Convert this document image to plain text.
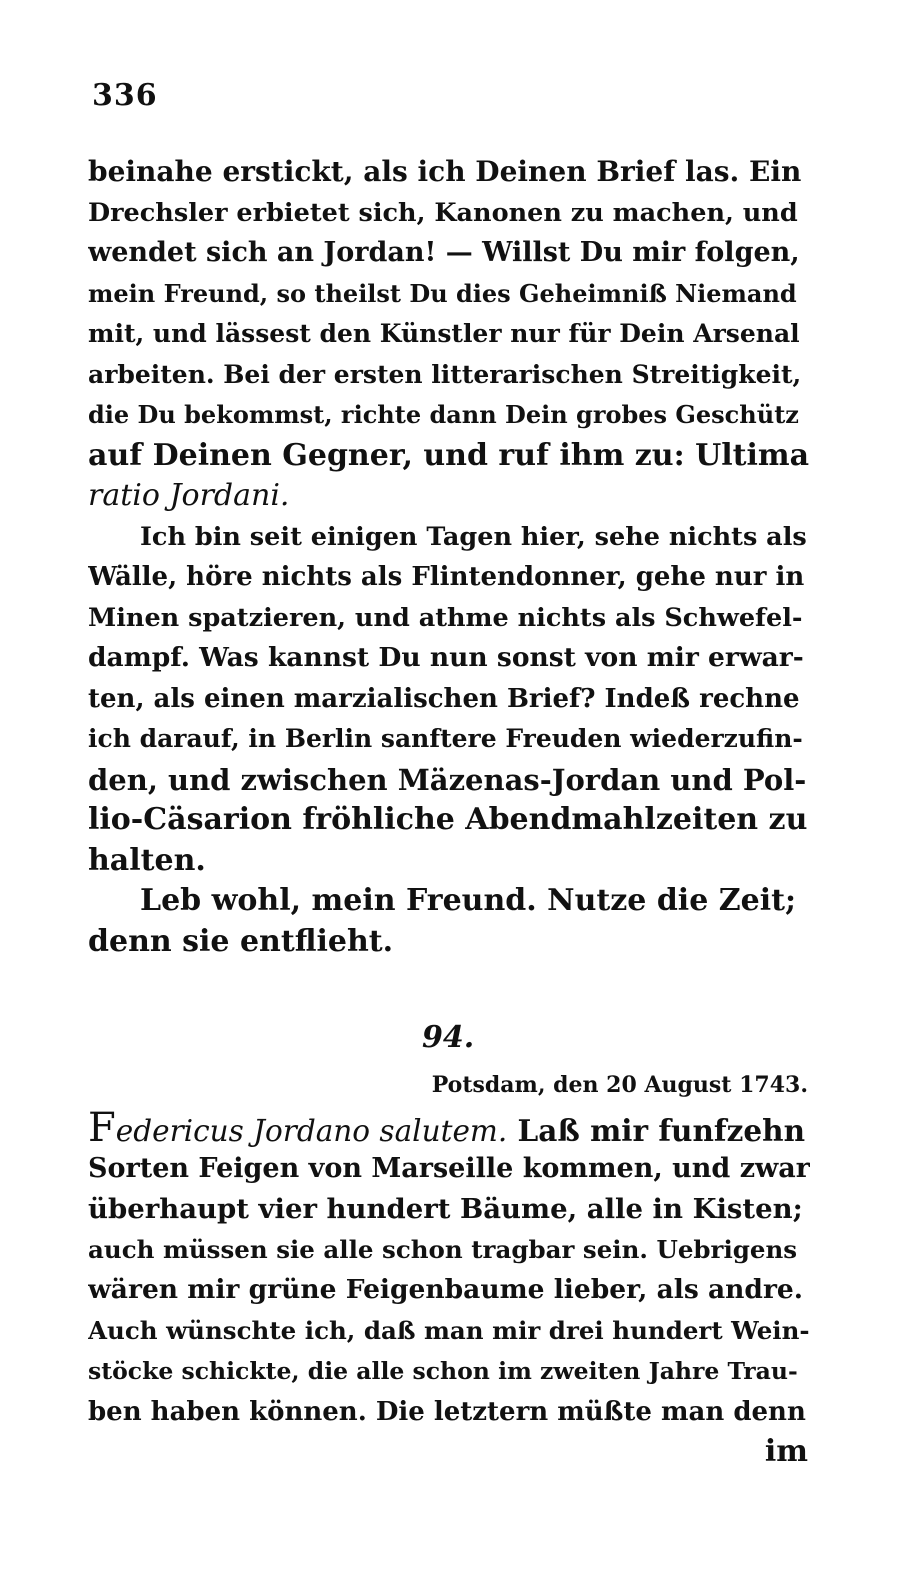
336
beinahe erstickt, als ich Deinen Brief las. Ein
Drechsler erbietet sich, Kanonen zu machen, und
wendet sich an Jordan! — Willst Du mir folgen,
mein Freund, so theilst Du dies Geheimniß Niemand
mit, und lässest den Künstler nur für Dein Arsenal
arbeiten. Bei der ersten litterarischen Streitigkeit,
die Du bekommst, richte dann Dein grobes Geschütz
auf Deinen Gegner, und ruf ihm zu: Ultima
ratio Jordani.
Ich bin seit einigen Tagen hier, sehe nichts als
Wälle, höre nichts als Flintendonner, gehe nur in
Minen spatzieren, und athme nichts als Schwefel-
dampf. Was kannst Du nun sonst von mir erwar-
ten, als einen marzialischen Brief? Indeß rechne
ich darauf, in Berlin sanftere Freuden wiederzufin-
den, und zwischen Mäzenas-Jordan und Pol-
lio-Cäsarion fröhliche Abendmahlzeiten zu
halten.
Leb wohl, mein Freund. Nutze die Zeit;
denn sie entflieht.
94.
Potsdam, den 20 August 1743.
Federicus Jordano salutem. Laß mir funfzehn
Sorten Feigen von Marseille kommen, und zwar
überhaupt vier hundert Bäume, alle in Kisten;
auch müssen sie alle schon tragbar sein. Uebrigens
wären mir grüne Feigenbaume lieber, als andre.
Auch wünschte ich, daß man mir drei hundert Wein-
stöcke schickte, die alle schon im zweiten Jahre Trau-
ben haben können. Die letztern müßte man denn
im
